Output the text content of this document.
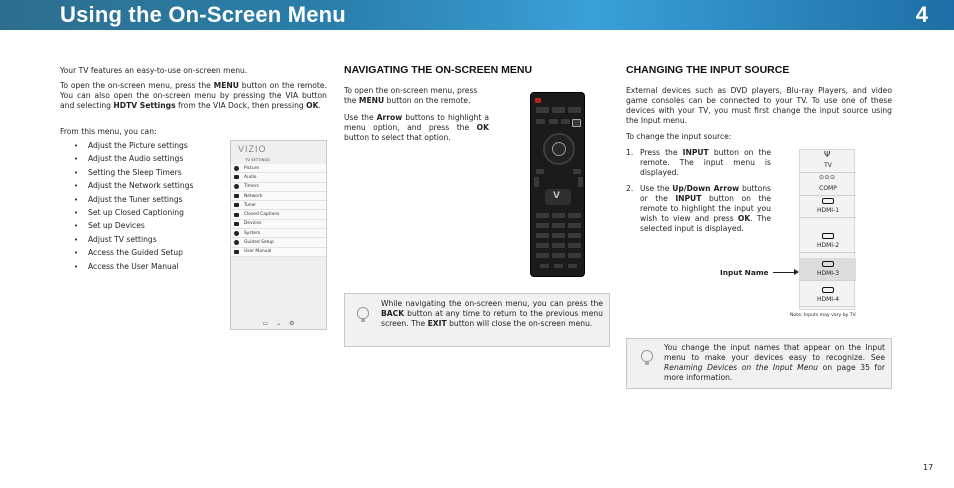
Using the On-Screen Menu	4
Your TV features an easy-to-use on-screen menu.
To open the on-screen menu, press the MENU button on the remote. You can also open the on-screen menu by pressing the VIA button and selecting HDTV Settings from the VIA Dock, then pressing OK.
From this menu, you can:
• Adjust the Picture settings
• Adjust the Audio settings
• Setting the Sleep Timers
• Adjust the Network settings
• Adjust the Tuner settings
• Set up Closed Captioning
• Set up Devices
• Adjust TV settings
• Access the Guided Setup
• Access the User Manual
VIZIO
TV SETTINGS
Picture
Audio
Timers
Network
Tuner
Closed Captions
Devices
System
Guided Setup
User Manual
▭ ⌄ ⚙
NAVIGATING THE ON-SCREEN MENU
To open the on-screen menu, press the MENU button on the remote.
Use the Arrow buttons to highlight a menu option, and press the OK button to select that option.
V
While navigating the on-screen menu, you can press the BACK button at any time to return to the previous menu screen. The EXIT button will close the on-screen menu.
CHANGING THE INPUT SOURCE
External devices such as DVD players, Blu-ray Players, and video game consoles can be connected to your TV. To use one of these devices with your TV, you must first change the input source using the Input menu.
To change the input source:
1. Press the INPUT button on the remote. The input menu is displayed.
2. Use the Up/Down Arrow buttons or the INPUT button on the remote to highlight the input you wish to view and press OK. The selected input is displayed.
Ψ
TV
⊙⊙⊙
COMP
HDMI-1
HDMI-2
HDMI-3
HDMI-4
Input Name
Note: Inputs may vary by TV.
You change the input names that appear on the Input menu to make your devices easy to recognize. See Renaming Devices on the Input Menu on page 35 for more information.
17
